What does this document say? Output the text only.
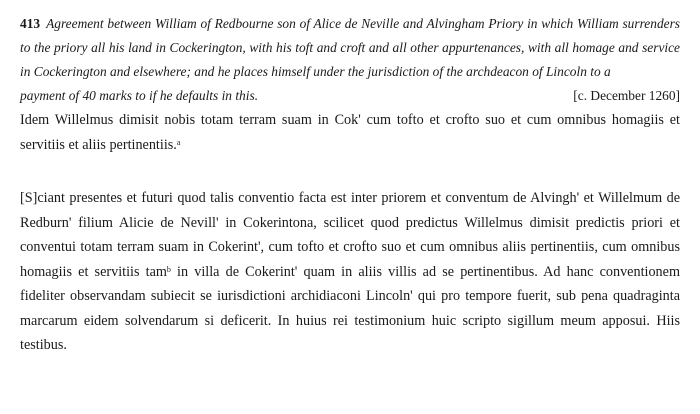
413 Agreement between William of Redbourne son of Alice de Neville and Alvingham Priory in which William surrenders to the priory all his land in Cockerington, with his toft and croft and all other appurtenances, with all homage and service in Cockerington and elsewhere; and he places himself under the jurisdiction of the archdeacon of Lincoln to a

payment of 40 marks to if he defaults in this.	[c. December 1260]

Idem Willelmus dimisit nobis totam terram suam in Cok' cum tofto et crofto suo et cum omnibus homagiis et servitiis et aliis pertinentiis.$^a$

[S]ciant presentes et futuri quod talis conventio facta est inter priorem et conventum de Alvingh' et Willelmum de Redburn' filium Alicie de Nevill' in Cokerintona, scilicet quod predictus Willelmus dimisit predictis priori et conventui totam terram suam in Cokerint', cum tofto et crofto suo et cum omnibus aliis pertinentiis, cum omnibus homagiis et servitiis tam$^b$ in villa de Cokerint' quam in aliis villis ad se pertinentibus. Ad hanc conventionem fideliter observandam subiecit se iurisdictioni archidiaconi Lincoln' qui pro tempore fuerit, sub pena quadraginta marcarum eidem solvendarum si deficerit. In huius rei testimonium huic scripto sigillum meum apposui. Hiis testibus.
